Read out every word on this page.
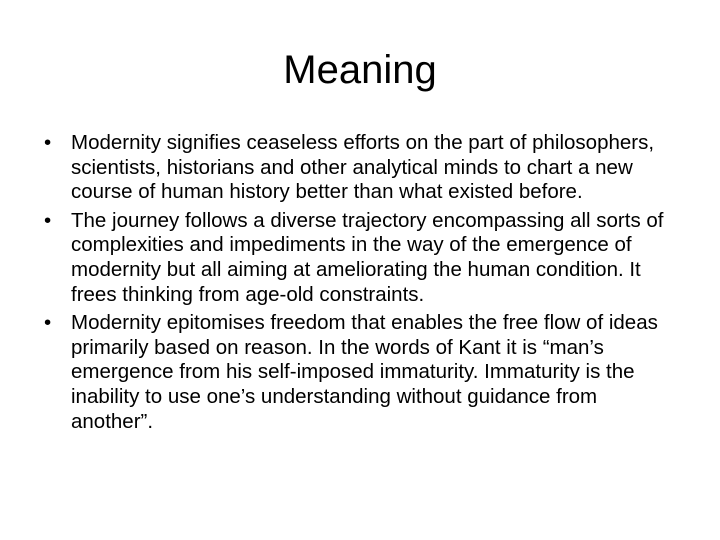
Meaning
• Modernity signifies ceaseless efforts on the part of philosophers, scientists, historians and other analytical minds to chart a new course of human history better than what existed before.
• The journey follows a diverse trajectory encompassing all sorts of complexities and impediments in the way of the emergence of modernity but all aiming at ameliorating the human condition. It frees thinking from age-old constraints.
• Modernity epitomises freedom that enables the free flow of ideas primarily based on reason. In the words of Kant it is “man’s emergence from his self-imposed immaturity. Immaturity is the inability to use one’s understanding without guidance from another”.
